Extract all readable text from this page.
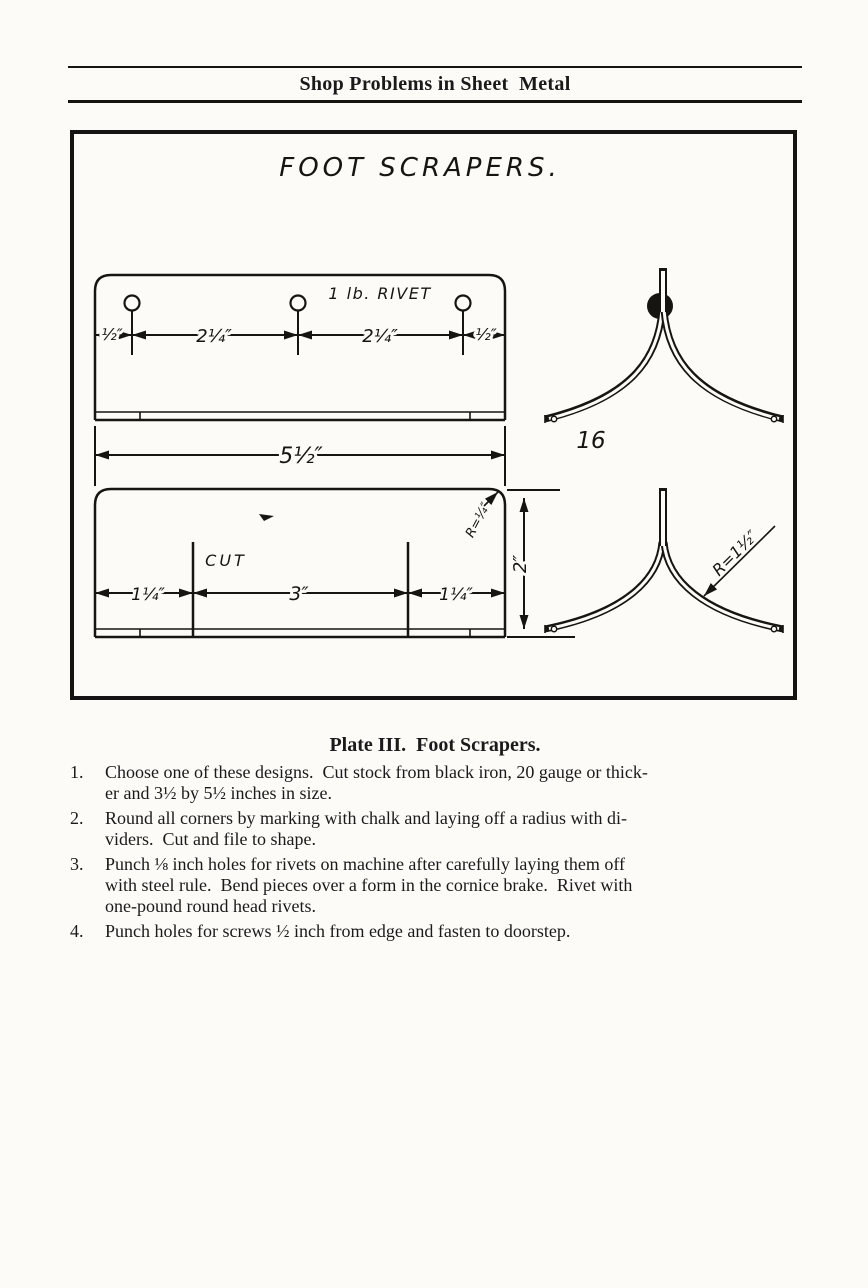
Shop Problems in Sheet  Metal
FOOT SCRAPERS.
1 lb. RIVET
½″	2¼″	2¼″	½″
5½″
CUT
1¼″	3″	1¼″
R=¼″
2″
16
R=1½″
Plate III.  Foot Scrapers.
1.	Choose one of these designs.  Cut stock from black iron, 20 gauge or thick-
er and 3½ by 5½ inches in size.
2.	Round all corners by marking with chalk and laying off a radius with di-
viders.  Cut and file to shape.
3.	Punch ⅛ inch holes for rivets on machine after carefully laying them off
with steel rule.  Bend pieces over a form in the cornice brake.  Rivet with
one-pound round head rivets.
4.	Punch holes for screws ½ inch from edge and fasten to doorstep.
